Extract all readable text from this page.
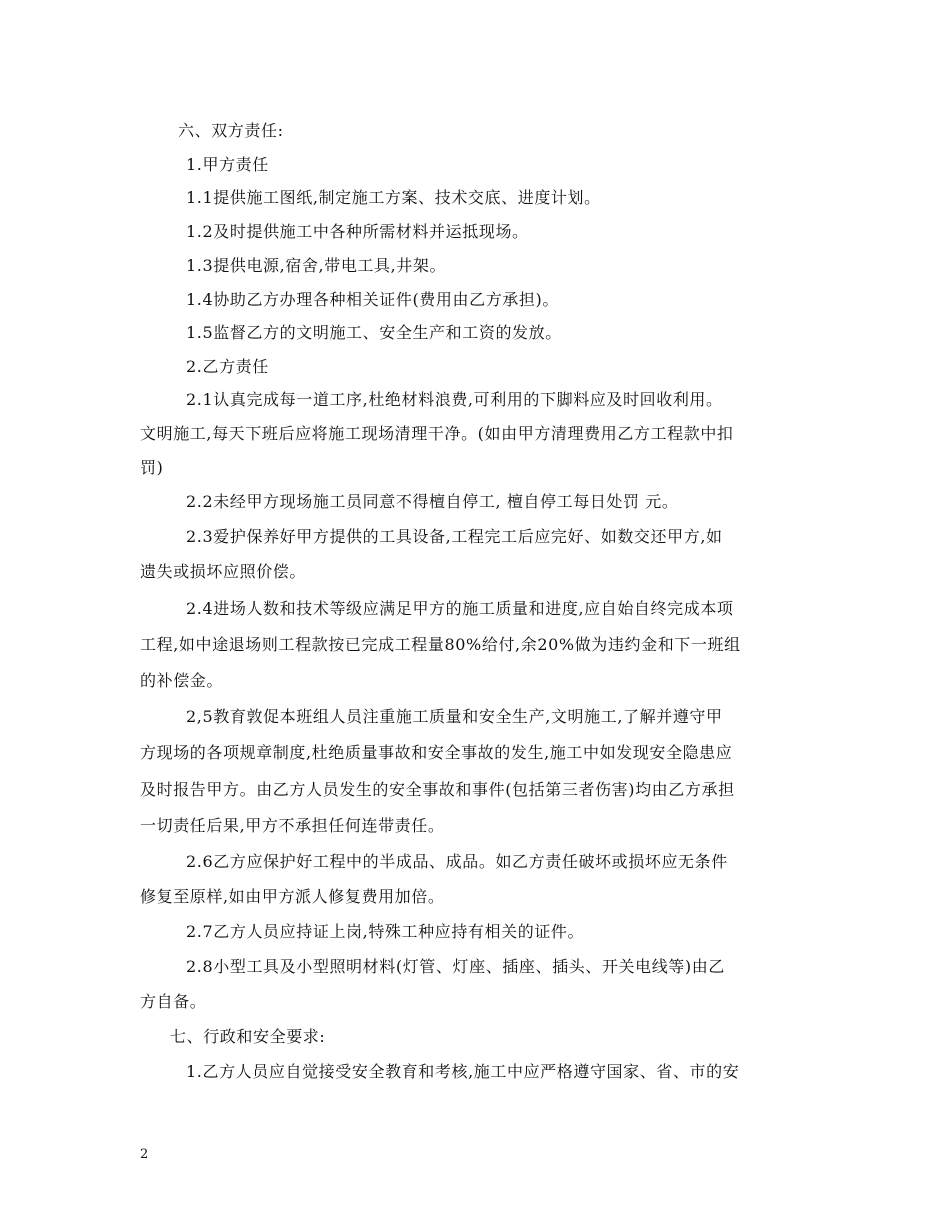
六、双方责任:
1.甲方责任
1.1提供施工图纸,制定施工方案、技术交底、进度计划。
1.2及时提供施工中各种所需材料并运抵现场。
1.3提供电源,宿舍,带电工具,井架。
1.4协助乙方办理各种相关证件(费用由乙方承担)。
1.5监督乙方的文明施工、安全生产和工资的发放。
2.乙方责任
2.1认真完成每一道工序,杜绝材料浪费,可利用的下脚料应及时回收利用。
文明施工,每天下班后应将施工现场清理干净。(如由甲方清理费用乙方工程款中扣
罚)
2.2未经甲方现场施工员同意不得檀自停工, 檀自停工每日处罚 元。
2.3爱护保养好甲方提供的工具设备,工程完工后应完好、如数交还甲方,如
遗失或损坏应照价偿。
2.4进场人数和技术等级应满足甲方的施工质量和进度,应自始自终完成本项
工程,如中途退场则工程款按已完成工程量80%给付,余20%做为违约金和下一班组
的补偿金。
2,5教育敦促本班组人员注重施工质量和安全生产,文明施工,了解并遵守甲
方现场的各项规章制度,杜绝质量事故和安全事故的发生,施工中如发现安全隐患应
及时报告甲方。由乙方人员发生的安全事故和事件(包括第三者伤害)均由乙方承担
一切责任后果,甲方不承担任何连带责任。
2.6乙方应保护好工程中的半成品、成品。如乙方责任破坏或损坏应无条件
修复至原样,如由甲方派人修复费用加倍。
2.7乙方人员应持证上岗,特殊工种应持有相关的证件。
2.8小型工具及小型照明材料(灯管、灯座、插座、插头、开关电线等)由乙
方自备。
七、行政和安全要求:
1.乙方人员应自觉接受安全教育和考核,施工中应严格遵守国家、省、市的安
2
